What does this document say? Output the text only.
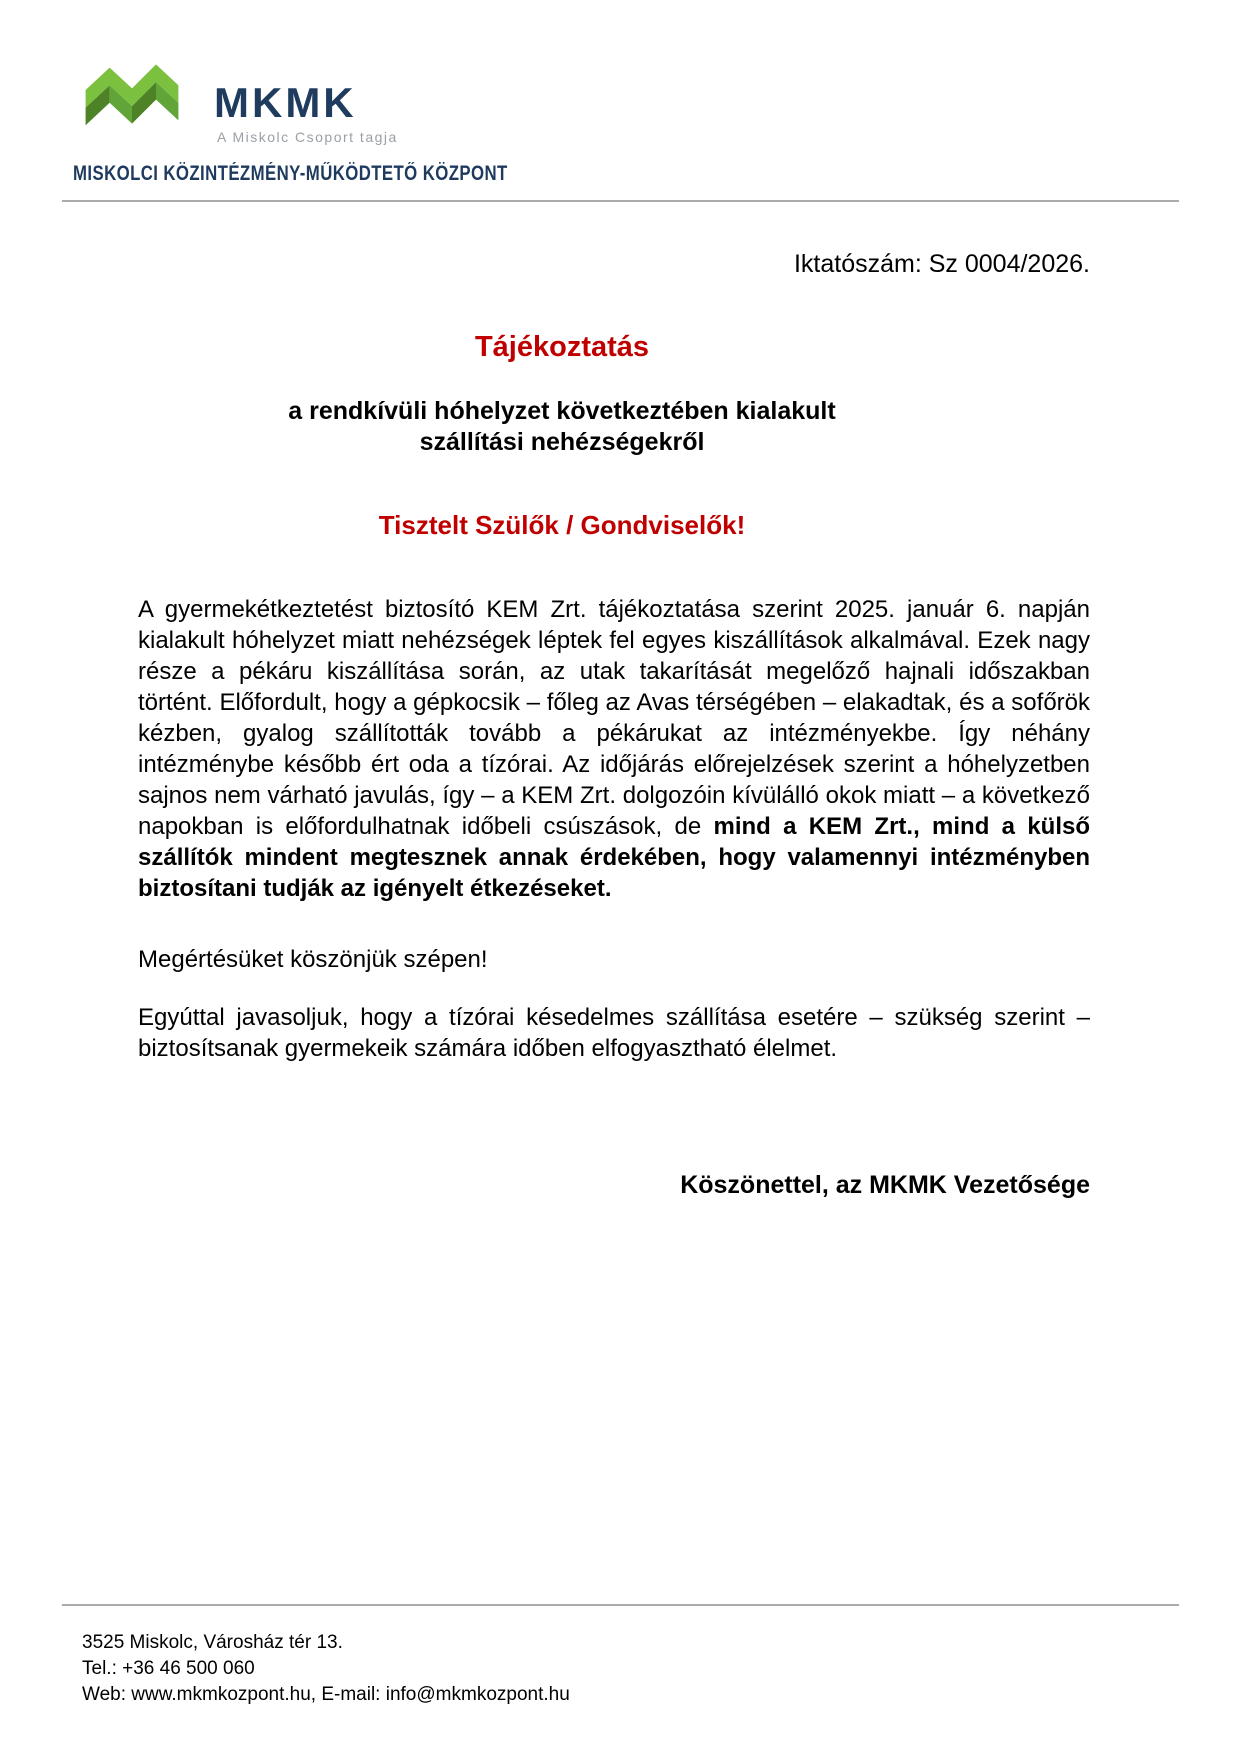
MKMK
A Miskolc Csoport tagja
MISKOLCI KÖZINTÉZMÉNY-MŰKÖDTETŐ KÖZPONT
Iktatószám: Sz 0004/2026.
Tájékoztatás
a rendkívüli hóhelyzet következtében kialakult
szállítási nehézségekről
Tisztelt Szülők / Gondviselők!

A gyermekétkeztetést biztosító KEM Zrt. tájékoztatása szerint 2025. január 6. napján kialakult hóhelyzet miatt nehézségek léptek fel egyes kiszállítások alkalmával. Ezek nagy része a pékáru kiszállítása során, az utak takarítását megelőző hajnali időszakban történt. Előfordult, hogy a gépkocsik – főleg az Avas térségében – elakadtak, és a sofőrök kézben, gyalog szállították tovább a pékárukat az intézményekbe. Így néhány intézménybe később ért oda a tízórai. Az időjárás előrejelzések szerint a hóhelyzetben sajnos nem várható javulás, így – a KEM Zrt. dolgozóin kívülálló okok miatt – a következő napokban is előfordulhatnak időbeli csúszások, de mind a KEM Zrt., mind a külső szállítók mindent megtesznek annak érdekében, hogy valamennyi intézményben biztosítani tudják az igényelt étkezéseket.

Megértésüket köszönjük szépen!

Egyúttal javasoljuk, hogy a tízórai késedelmes szállítása esetére – szükség szerint – biztosítsanak gyermekeik számára időben elfogyasztható élelmet.

Köszönettel, az MKMK Vezetősége

3525 Miskolc, Városház tér 13.
Tel.: +36 46 500 060
Web: www.mkmkozpont.hu, E-mail: info@mkmkozpont.hu
